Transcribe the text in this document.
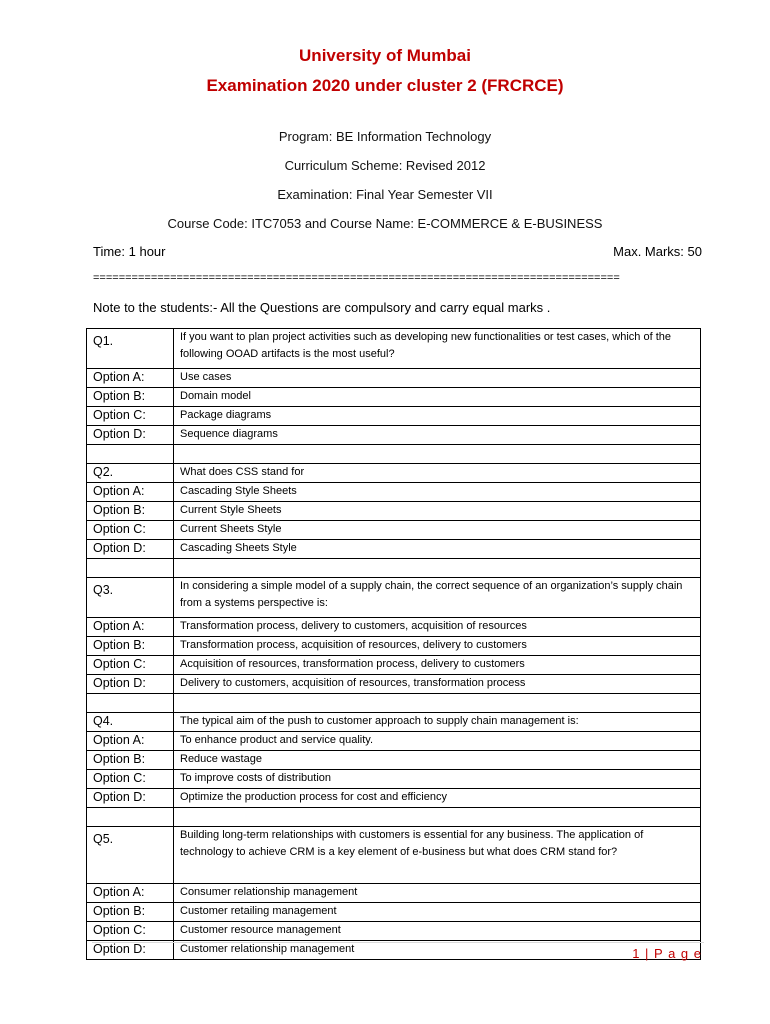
University of Mumbai
Examination 2020 under cluster 2 (FRCRCE)
Program: BE Information Technology
Curriculum Scheme: Revised 2012
Examination: Final Year Semester VII
Course Code: ITC7053 and Course Name: E-COMMERCE & E-BUSINESS
Time: 1 hour	Max. Marks: 50
==================================================================================
Note to the students:- All the Questions are compulsory and carry equal marks .
Q1.	If you want to plan project activities such as developing new functionalities or test cases, which of the following OOAD artifacts is the most useful?
Option A:	Use cases
Option B:	Domain model
Option C:	Package diagrams
Option D:	Sequence diagrams

Q2.	What does CSS stand for
Option A:	Cascading Style Sheets
Option B:	Current Style Sheets
Option C:	Current Sheets Style
Option D:	Cascading Sheets Style

Q3.	In considering a simple model of a supply chain, the correct sequence of an organization’s supply chain from a systems perspective is:
Option A:	Transformation process, delivery to customers, acquisition of resources
Option B:	Transformation process, acquisition of resources, delivery to customers
Option C:	Acquisition of resources, transformation process, delivery to customers
Option D:	Delivery to customers, acquisition of resources, transformation process

Q4.	The typical aim of the push to customer approach to supply chain management is:
Option A:	To enhance product and service quality.
Option B:	Reduce wastage
Option C:	To improve costs of distribution
Option D:	Optimize the production process for cost and efficiency

Q5.	Building long-term relationships with customers is essential for any business. The application of technology to achieve CRM is a key element of e-business but what does CRM stand for?
Option A:	Consumer relationship management
Option B:	Customer retailing management
Option C:	Customer resource management
Option D:	Customer relationship management	1 | P a g e
